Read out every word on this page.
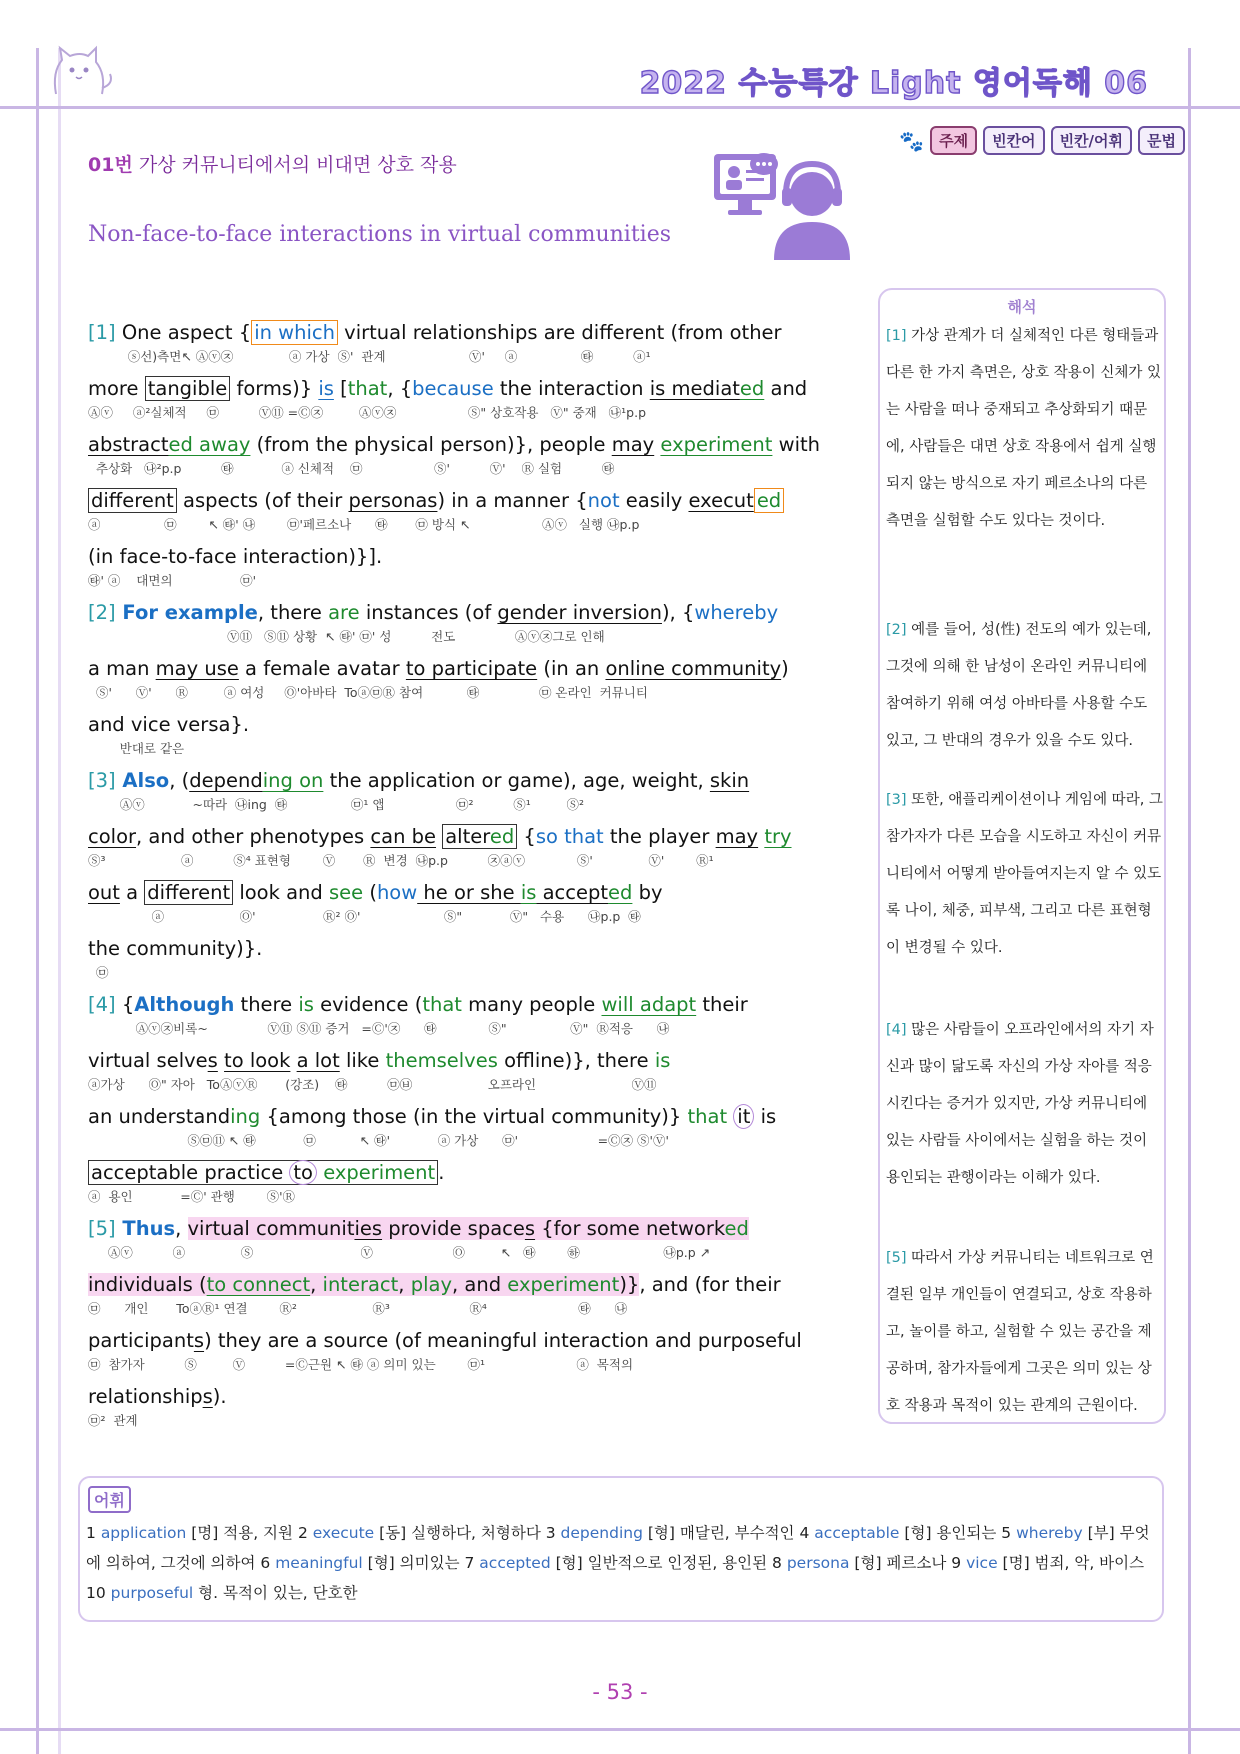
2022 수능특강 Light 영어독해 06
🐾	주제	빈칸어	빈칸/어휘	문법
01번 가상 커뮤니티에서의 비대면 상호 작용
Non-face-to-face interactions in virtual communities
[1] One aspect { in which virtual relationships are different (from other
ⓢ선)측면↖ Ⓐⓥ㉨              ⓐ 가상  Ⓢ'  관계                     Ⓥ'     ⓐ                ㉹          ⓐ¹
more tangible forms)} is [that, {because the interaction is mediated and
Ⓐⓥ     ⓐ²실체적     ㉤          Ⓥ⑪ =Ⓒ㉨         Ⓐⓥ㉨                  Ⓢ" 상호작용   Ⓥ" 중재   ㉯¹p.p
abstracted away (from the physical person)}, people may experiment with
추상화   ㉯²p.p          ㉹            ⓐ 신체적    ㉤                  Ⓢ'          Ⓥ'    Ⓡ 실험          ㉹
different aspects (of their personas) in a manner {not easily execut ed
ⓐ                ㉤        ↖ ㉹' ㉯        ㉤'페르소나      ㉹       ㉤ 방식 ↖                  Ⓐⓥ   실행 ㉯p.p
(in face-to-face interaction)}].
㉹' ⓐ    대면의                 ㉤'
[2] For example, there are instances (of gender inversion), {whereby
Ⓥ⑪   Ⓢ⑪ 상황  ↖ ㉹' ㉤' 성          전도               Ⓐⓥ㉨그로 인해
a man may use a female avatar to participate (in an online community)
Ⓢ'      Ⓥ'      Ⓡ         ⓐ 여성     Ⓞ'아바타  Toⓐ㉤Ⓡ 참여           ㉹               ㉤ 온라인  커뮤니티
and vice versa}.
반대로 같은
[3] Also, (depending on the application or game), age, weight, skin
Ⓐⓥ            ~따라  ㉯ing  ㉹                ㉤¹ 앱                  ㉤²          Ⓢ¹         Ⓢ²
color, and other phenotypes can be altered {so that the player may try
Ⓢ³                   ⓐ          Ⓢ⁴ 표현형        Ⓥ       Ⓡ  변경  ㉯p.p          ㉨ⓐⓥ             Ⓢ'              Ⓥ'        Ⓡ¹
out a different look and see (how he or she is accepted by
ⓐ                   Ⓞ'                 Ⓡ² Ⓞ'                     Ⓢ"            Ⓥ"   수용      ㉯p.p  ㉹
the community)}.
㉤
[4] {Although there is evidence (that many people will adapt their
Ⓐⓥ㉨비록~               Ⓥ⑪ Ⓢ⑪ 증거   =Ⓒ'㉨      ㉹             Ⓢ"                Ⓥ"  Ⓡ적응      ㉯
virtual selves to look a lot like themselves offline)}, there is
ⓐ가상      Ⓞ" 자아   ToⒶⓥⓇ       (강조)    ㉹          ㉤㉥                   오프라인                        Ⓥ⑪
an understanding {among those (in the virtual community)} that it is
Ⓢ㉤⑪ ↖ ㉹            ㉤           ↖ ㉹'            ⓐ 가상      ㉤'                    =Ⓒ㉨ Ⓢ'Ⓥ'
acceptable practice to experiment .
ⓐ  용인            =Ⓒ' 관행        Ⓢ'Ⓡ
[5] Thus, virtual communities provide spaces {for some networked
Ⓐⓥ          ⓐ              Ⓢ                           Ⓥ                    Ⓞ         ↖   ㉹        ㉻                     ㉯p.p ↗
individuals (to connect, interact, play, and experiment)}, and (for their
㉤      개인       ToⓐⓇ¹ 연결        Ⓡ²                   Ⓡ³                    Ⓡ⁴                       ㉹      ㉯
participants) they are a source (of meaningful interaction and purposeful
㉤  참가자          Ⓢ         Ⓥ          =Ⓒ근원 ↖ ㉹ ⓐ 의미 있는        ㉤¹                       ⓐ  목적의
relationships).
㉤²  관계
해석
[1] 가상 관계가 더 실체적인 다른 형태들과 다른 한 가지 측면은, 상호 작용이 신체가 있는 사람을 떠나 중재되고 추상화되기 때문에, 사람들은 대면 상호 작용에서 쉽게 실행되지 않는 방식으로 자기 페르소나의 다른 측면을 실험할 수도 있다는 것이다.
[2] 예를 들어, 성(性) 전도의 예가 있는데, 그것에 의해 한 남성이 온라인 커뮤니티에 참여하기 위해 여성 아바타를 사용할 수도 있고, 그 반대의 경우가 있을 수도 있다.
[3] 또한, 애플리케이션이나 게임에 따라, 그 참가자가 다른 모습을 시도하고 자신이 커뮤니티에서 어떻게 받아들여지는지 알 수 있도록 나이, 체중, 피부색, 그리고 다른 표현형이 변경될 수 있다.
[4] 많은 사람들이 오프라인에서의 자기 자신과 많이 닮도록 자신의 가상 자아를 적응시킨다는 증거가 있지만, 가상 커뮤니티에 있는 사람들 사이에서는 실험을 하는 것이 용인되는 관행이라는 이해가 있다.
[5] 따라서 가상 커뮤니티는 네트워크로 연결된 일부 개인들이 연결되고, 상호 작용하고, 놀이를 하고, 실험할 수 있는 공간을 제공하며, 참가자들에게 그곳은 의미 있는 상호 작용과 목적이 있는 관계의 근원이다.
어휘
1 application [명] 적용, 지원 2 execute [동] 실행하다, 처형하다 3 depending [형] 매달린, 부수적인 4 acceptable [형] 용인되는 5 whereby [부] 무엇에 의하여, 그것에 의하여 6 meaningful [형] 의미있는 7 accepted [형] 일반적으로 인정된, 용인된 8 persona [형] 페르소나 9 vice [명] 범죄, 악, 바이스 10 purposeful 형. 목적이 있는, 단호한
- 53 -
